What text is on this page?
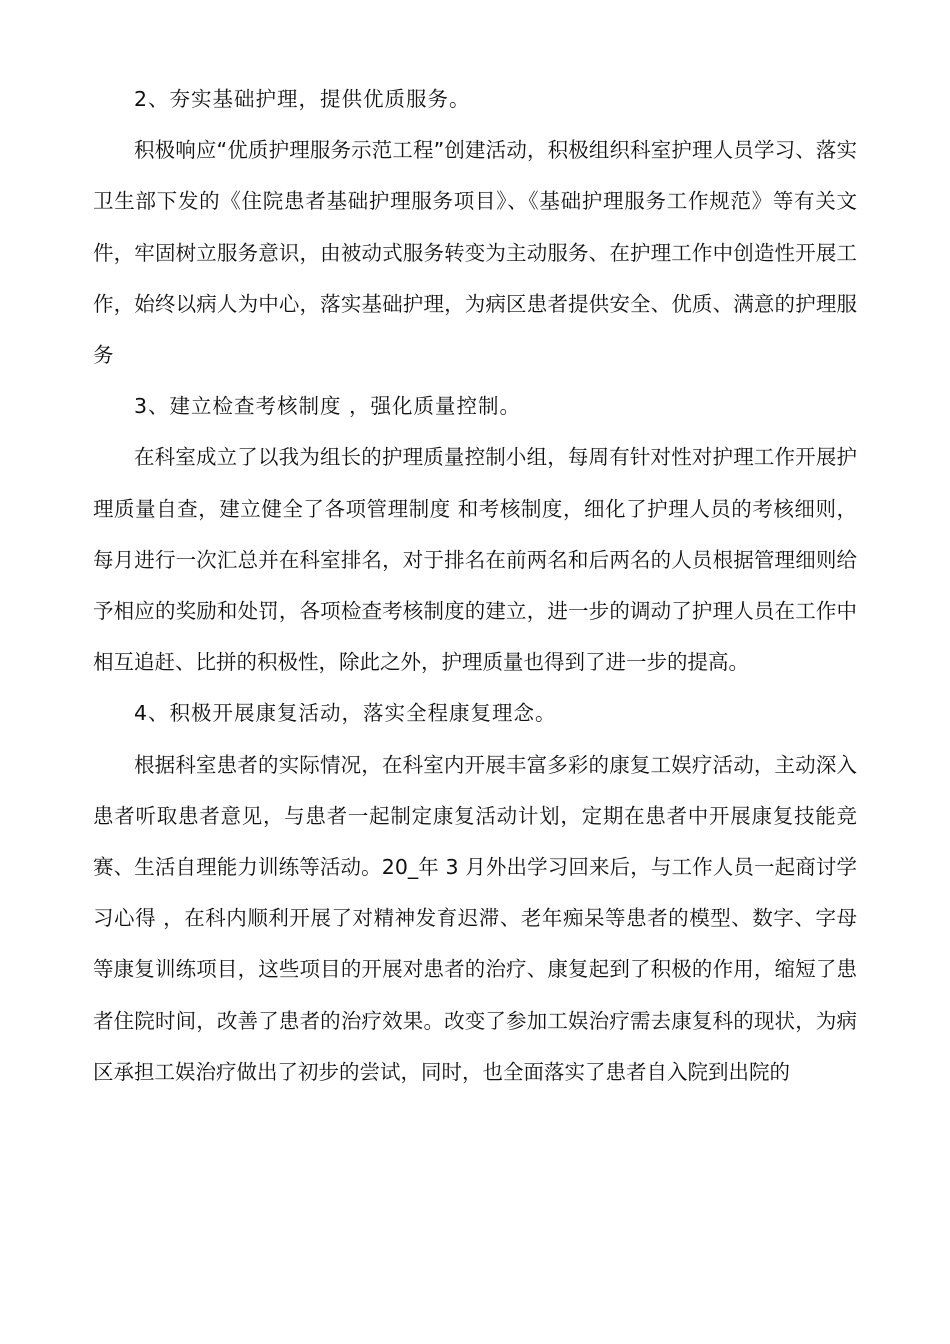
2、夯实基础护理，提供优质服务。

积极响应“优质护理服务示范工程”创建活动，积极组织科室护理人员学习、落实卫生部下发的《住院患者基础护理服务项目》、《基础护理服务工作规范》等有关文件，牢固树立服务意识，由被动式服务转变为主动服务、在护理工作中创造性开展工作，始终以病人为中心，落实基础护理，为病区患者提供安全、优质、满意的护理服务

3、建立检查考核制度 ，强化质量控制。

在科室成立了以我为组长的护理质量控制小组，每周有针对性对护理工作开展护理质量自查，建立健全了各项管理制度 和考核制度，细化了护理人员的考核细则，每月进行一次汇总并在科室排名，对于排名在前两名和后两名的人员根据管理细则给予相应的奖励和处罚，各项检查考核制度的建立，进一步的调动了护理人员在工作中相互追赶、比拼的积极性，除此之外，护理质量也得到了进一步的提高。

4、积极开展康复活动，落实全程康复理念。

根据科室患者的实际情况，在科室内开展丰富多彩的康复工娱疗活动，主动深入患者听取患者意见，与患者一起制定康复活动计划，定期在患者中开展康复技能竞赛、生活自理能力训练等活动。20_年 3 月外出学习回来后，与工作人员一起商讨学习心得 ，在科内顺利开展了对精神发育迟滞、老年痴呆等患者的模型、数字、字母等康复训练项目，这些项目的开展对患者的治疗、康复起到了积极的作用，缩短了患者住院时间，改善了患者的治疗效果。改变了参加工娱治疗需去康复科的现状，为病区承担工娱治疗做出了初步的尝试，同时，也全面落实了患者自入院到出院的
